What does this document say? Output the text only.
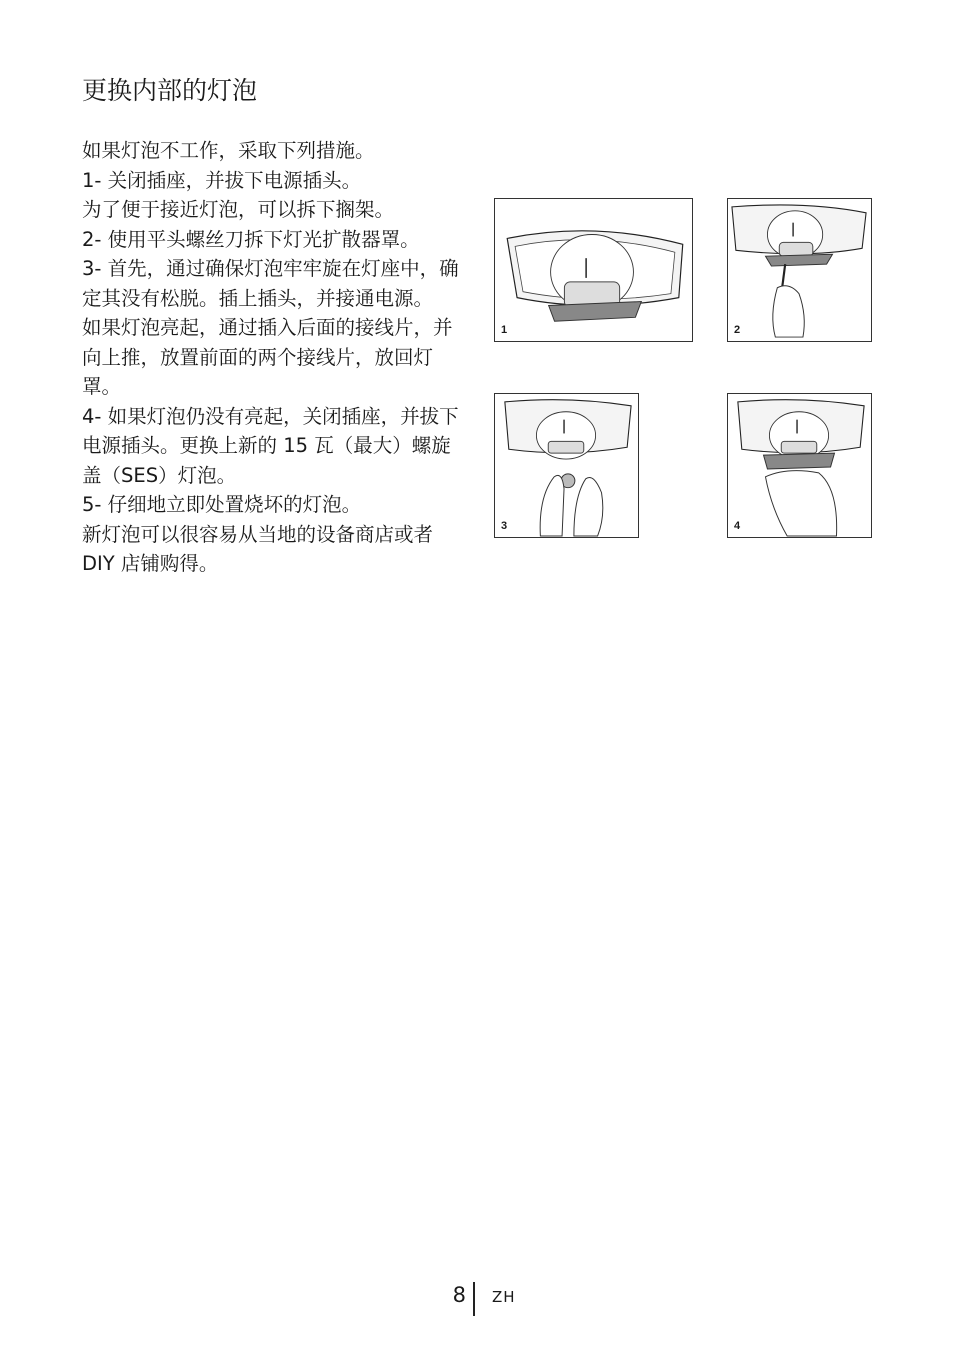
更换内部的灯泡

如果灯泡不工作，采取下列措施。

1- 关闭插座，并拔下电源插头。

为了便于接近灯泡，可以拆下搁架。

2- 使用平头螺丝刀拆下灯光扩散器罩。

3- 首先，通过确保灯泡牢牢旋在灯座中，确定其没有松脱。插上插头，并接通电源。

如果灯泡亮起，通过插入后面的接线片，并向上推，放置前面的两个接线片，放回灯罩。

4- 如果灯泡仍没有亮起，关闭插座，并拔下电源插头。更换上新的 15 瓦（最大）螺旋盖（SES）灯泡。

5- 仔细地立即处置烧坏的灯泡。

新灯泡可以很容易从当地的设备商店或者 DIY 店铺购得。

1	2
3	4
8 ZH
